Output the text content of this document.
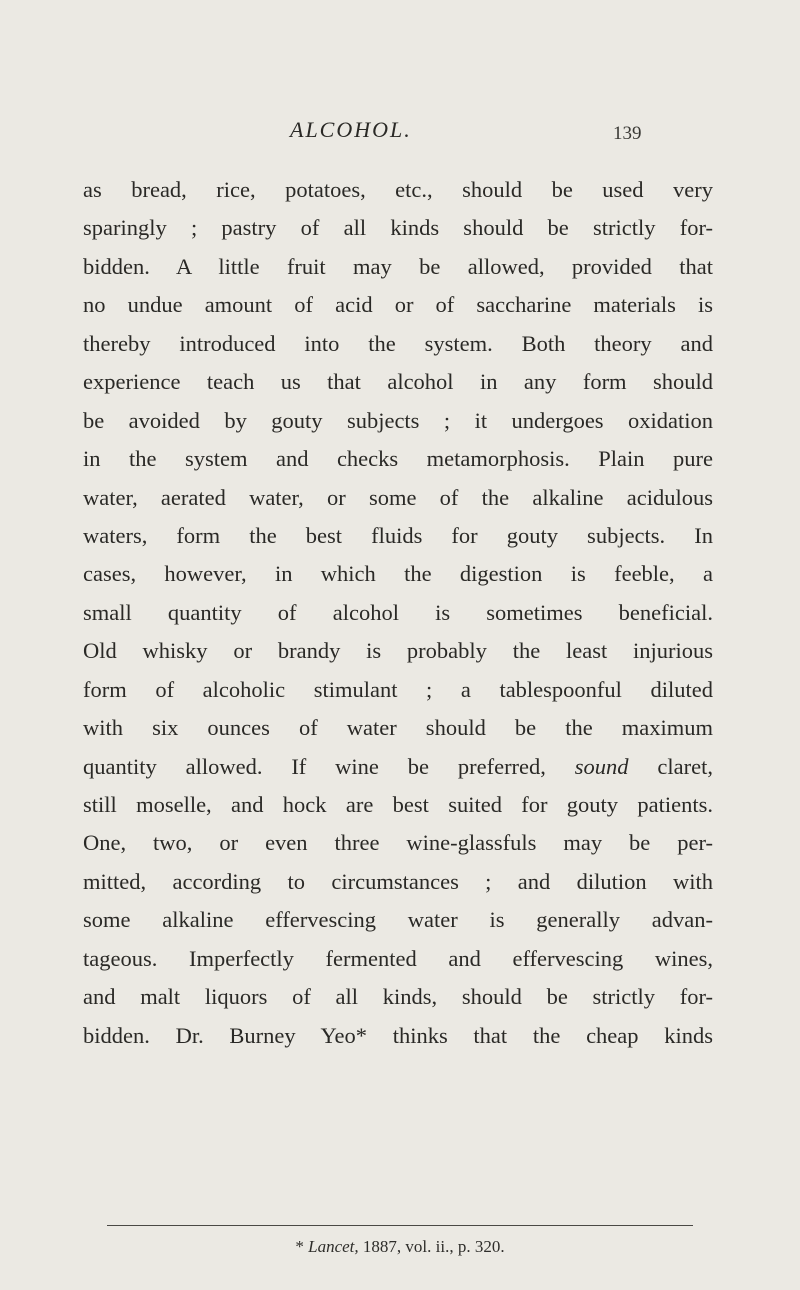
ALCOHOL.	139
as bread, rice, potatoes, etc., should be used very
sparingly ; pastry of all kinds should be strictly for-
bidden. A little fruit may be allowed, provided that
no undue amount of acid or of saccharine materials is
thereby introduced into the system. Both theory and
experience teach us that alcohol in any form should
be avoided by gouty subjects ; it undergoes oxidation
in the system and checks metamorphosis. Plain pure
water, aerated water, or some of the alkaline acidulous
waters, form the best fluids for gouty subjects. In
cases, however, in which the digestion is feeble, a
small quantity of alcohol is sometimes beneficial.
Old whisky or brandy is probably the least injurious
form of alcoholic stimulant ; a tablespoonful diluted
with six ounces of water should be the maximum
quantity allowed. If wine be preferred, sound claret,
still moselle, and hock are best suited for gouty patients.
One, two, or even three wine-glassfuls may be per-
mitted, according to circumstances ; and dilution with
some alkaline effervescing water is generally advan-
tageous. Imperfectly fermented and effervescing wines,
and malt liquors of all kinds, should be strictly for-
bidden. Dr. Burney Yeo* thinks that the cheap kinds
* Lancet, 1887, vol. ii., p. 320.
